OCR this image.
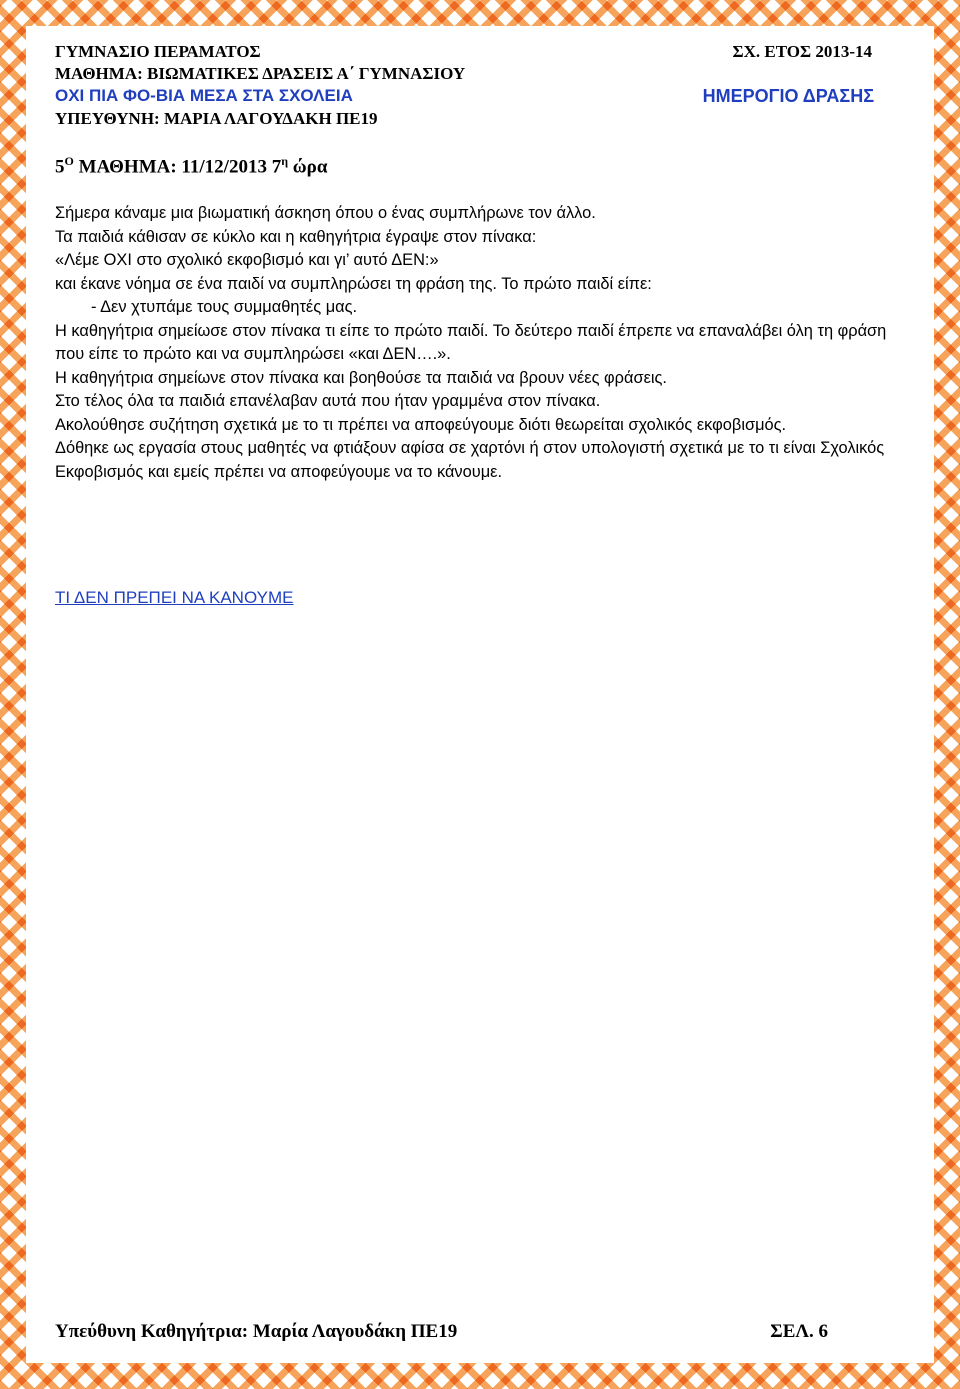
ΓΥΜΝΑΣΙΟ ΠΕΡΑΜΑΤΟΣ	ΣΧ. ΕΤΟΣ 2013-14
ΜΑΘΗΜΑ: ΒΙΩΜΑΤΙΚΕΣ ΔΡΑΣΕΙΣ Α΄ ΓΥΜΝΑΣΙΟΥ
ΟΧΙ ΠΙΑ ΦΟ-ΒΙΑ ΜΕΣΑ ΣΤΑ ΣΧΟΛΕΙΑ	ΗΜΕΡΟΓΙΟ ΔΡΑΣΗΣ
ΥΠΕΥΘΥΝΗ: ΜΑΡΙΑ ΛΑΓΟΥΔΑΚΗ ΠΕ19
$5^O$ ΜΑΘΗΜΑ: 11/12/2013 $7^\eta$ ώρα

Σήμερα κάναμε μια βιωματική άσκηση όπου ο ένας συμπλήρωνε τον άλλο.

Τα παιδιά κάθισαν σε κύκλο και η καθηγήτρια έγραψε στον πίνακα:

«Λέμε ΟΧΙ στο σχολικό εκφοβισμό και γι’ αυτό ΔΕΝ:»

και έκανε νόημα σε ένα παιδί να συμπληρώσει τη φράση της. Το πρώτο παιδί είπε:

- Δεν χτυπάμε τους συμμαθητές μας.

Η καθηγήτρια σημείωσε στον πίνακα τι είπε το πρώτο παιδί. Το δεύτερο παιδί έπρεπε να επαναλάβει όλη τη φράση που είπε το πρώτο και να συμπληρώσει «και ΔΕΝ….».

Η καθηγήτρια σημείωνε στον πίνακα και βοηθούσε τα παιδιά να βρουν νέες φράσεις.

Στο τέλος όλα τα παιδιά επανέλαβαν αυτά που ήταν γραμμένα στον πίνακα.

Ακολούθησε συζήτηση σχετικά με το τι πρέπει να αποφεύγουμε διότι θεωρείται σχολικός εκφοβισμός.

Δόθηκε ως εργασία στους μαθητές να φτιάξουν αφίσα σε χαρτόνι ή στον υπολογιστή σχετικά με το τι είναι Σχολικός Εκφοβισμός και εμείς πρέπει να αποφεύγουμε να το κάνουμε.

ΤΙ ΔΕΝ ΠΡΕΠΕΙ ΝΑ ΚΑΝΟΥΜΕ
Υπεύθυνη Καθηγήτρια: Μαρία Λαγουδάκη ΠΕ19	ΣΕΛ. 6
